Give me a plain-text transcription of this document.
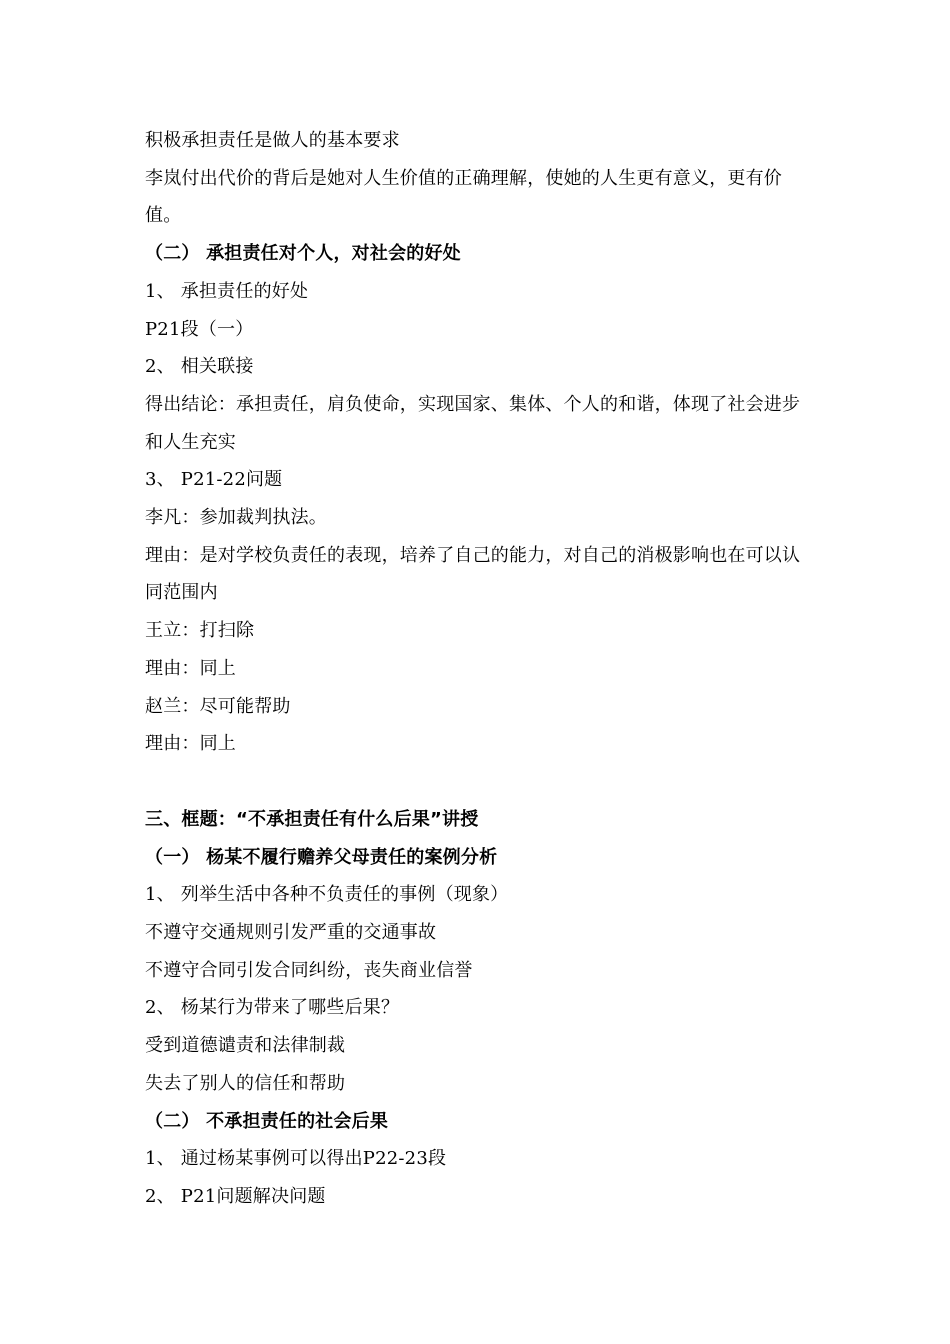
积极承担责任是做人的基本要求
李岚付出代价的背后是她对人生价值的正确理解，使她的人生更有意义，更有价值。
（二） 承担责任对个人，对社会的好处
1、 承担责任的好处
P21段（一）
2、 相关联接
得出结论：承担责任，肩负使命，实现国家、集体、个人的和谐，体现了社会进步和人生充实
3、 P21-22问题
李凡：参加裁判执法。
理由：是对学校负责任的表现，培养了自己的能力，对自己的消极影响也在可以认同范围内
王立：打扫除
理由：同上
赵兰：尽可能帮助
理由：同上
三、框题：“不承担责任有什么后果”讲授
（一） 杨某不履行赡养父母责任的案例分析
1、 列举生活中各种不负责任的事例（现象）
不遵守交通规则引发严重的交通事故
不遵守合同引发合同纠纷，丧失商业信誉
2、 杨某行为带来了哪些后果？
受到道德谴责和法律制裁
失去了别人的信任和帮助
（二） 不承担责任的社会后果
1、 通过杨某事例可以得出P22-23段
2、 P21问题解决问题
